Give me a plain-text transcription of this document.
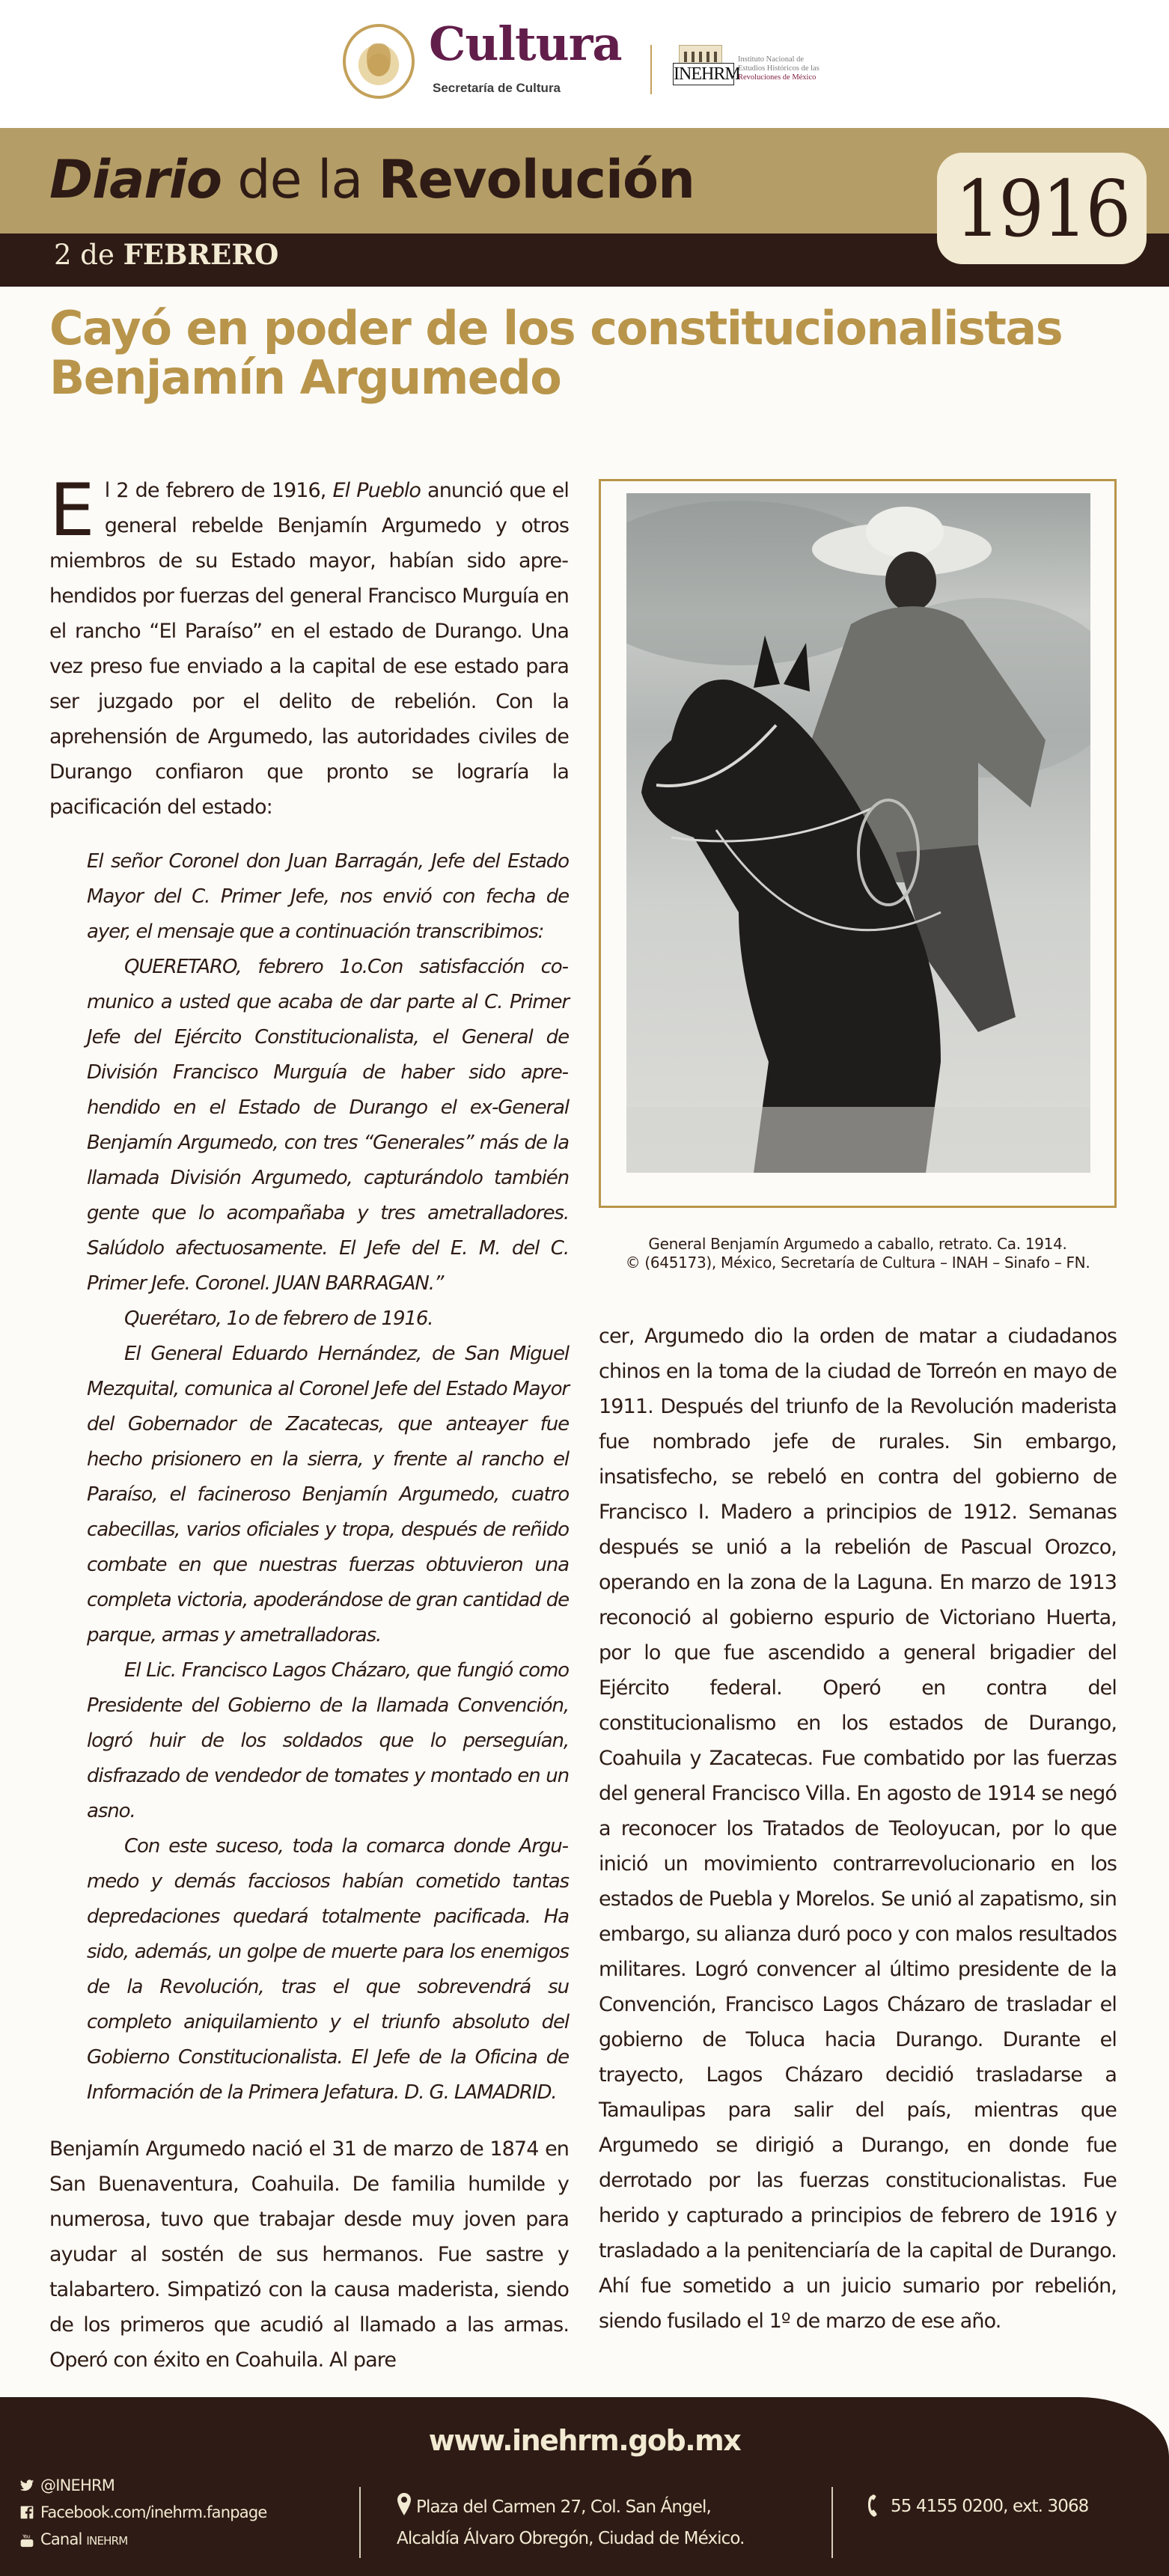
Cultura
Secretaría de Cultura
INEHRM
Instituto Nacional de
Estudios Históricos de las
Revoluciones de México
Diario de la Revolución
2 de FEBRERO
1916
Cayó en poder de los constitucionalistas Benjamín Argumedo

El 2 de febrero de 1916, El Pueblo anunció que el general rebelde Benjamín Argumedo y otros miembros de su Estado mayor, habían sido aprehendidos por fuerzas del general Francisco Murguía en el rancho “El Paraíso” en el estado de Durango. Una vez preso fue enviado a la capital de ese estado para ser juzgado por el delito de rebelión. Con la aprehensión de Argumedo, las autoridades civiles de Durango confiaron que pronto se lograría la pacificación del estado:

El señor Coronel don Juan Barragán, Jefe del Estado Mayor del C. Primer Jefe, nos envió con fecha de ayer, el mensaje que a continuación transcribimos:

QUERETARO, febrero 1o.Con satisfacción comunico a usted que acaba de dar parte al C. Primer Jefe del Ejército Constitucionalista, el General de División Francisco Murguía de haber sido aprehendido en el Estado de Durango el ex-General Benjamín Argumedo, con tres “Generales” más de la llamada División Argumedo, capturándolo también gente que lo acompañaba y tres ametralladores. Salúdolo afectuosamente. El Jefe del E. M. del C. Primer Jefe. Coronel. JUAN BARRAGAN.”

Querétaro, 1o de febrero de 1916.

El General Eduardo Hernández, de San Miguel Mezquital, comunica al Coronel Jefe del Estado Mayor del Gobernador de Zacatecas, que anteayer fue hecho prisionero en la sierra, y frente al rancho el Paraíso, el facineroso Benjamín Argumedo, cuatro cabecillas, varios oficiales y tropa, después de reñido combate en que nuestras fuerzas obtuvieron una completa victoria, apoderándose de gran cantidad de parque, armas y ametralladoras.

El Lic. Francisco Lagos Cházaro, que fungió como Presidente del Gobierno de la llamada Convención, logró huir de los soldados que lo perseguían, disfrazado de vendedor de tomates y montado en un asno.

Con este suceso, toda la comarca donde Argumedo y demás facciosos habían cometido tantas depredaciones quedará totalmente pacificada. Ha sido, además, un golpe de muerte para los enemigos de la Revolución, tras el que sobrevendrá su completo aniquilamiento y el triunfo absoluto del Gobierno Constitucionalista. El Jefe de la Oficina de Información de la Primera Jefatura. D. G. LAMADRID.

Benjamín Argumedo nació el 31 de marzo de 1874 en San Buenaventura, Coahuila. De familia humilde y numerosa, tuvo que trabajar desde muy joven para ayudar al sostén de sus hermanos. Fue sastre y talabartero. Simpatizó con la causa maderista, siendo de los primeros que acudió al llamado a las armas. Operó con éxito en Coahuila. Al pare

General Benjamín Argumedo a caballo, retrato. Ca. 1914.
© (645173), México, Secretaría de Cultura – INAH – Sinafo – FN.

cer, Argumedo dio la orden de matar a ciudadanos chinos en la toma de la ciudad de Torreón en mayo de 1911. Después del triunfo de la Revolución maderista fue nombrado jefe de rurales. Sin embargo, insatisfecho, se rebeló en contra del gobierno de Francisco I. Madero a principios de 1912. Semanas después se unió a la rebelión de Pascual Orozco, operando en la zona de la Laguna. En marzo de 1913 reconoció al gobierno espurio de Victoriano Huerta, por lo que fue ascendido a general brigadier del Ejército federal. Operó en contra del constitucionalismo en los estados de Durango, Coahuila y Zacatecas. Fue combatido por las fuerzas del general Francisco Villa. En agosto de 1914 se negó a reconocer los Tratados de Teoloyucan, por lo que inició un movimiento contrarrevolucionario en los estados de Puebla y Morelos. Se unió al zapatismo, sin embargo, su alianza duró poco y con malos resultados militares. Logró convencer al último presidente de la Convención, Francisco Lagos Cházaro de trasladar el gobierno de Toluca hacia Durango. Durante el trayecto, Lagos Cházaro decidió trasladarse a Tamaulipas para salir del país, mientras que Argumedo se dirigió a Durango, en donde fue derrotado por las fuerzas constitucionalistas. Fue herido y capturado a principios de febrero de 1916 y trasladado a la penitenciaría de la capital de Durango. Ahí fue sometido a un juicio sumario por rebelión, siendo fusilado el 1º de marzo de ese año.

www.inehrm.gob.mx
@INEHRM
Facebook.com/inehrm.fanpage
You Canal INEHRM
Plaza del Carmen 27, Col. San Ángel,
Alcaldía Álvaro Obregón, Ciudad de México.
55 4155 0200, ext. 3068
